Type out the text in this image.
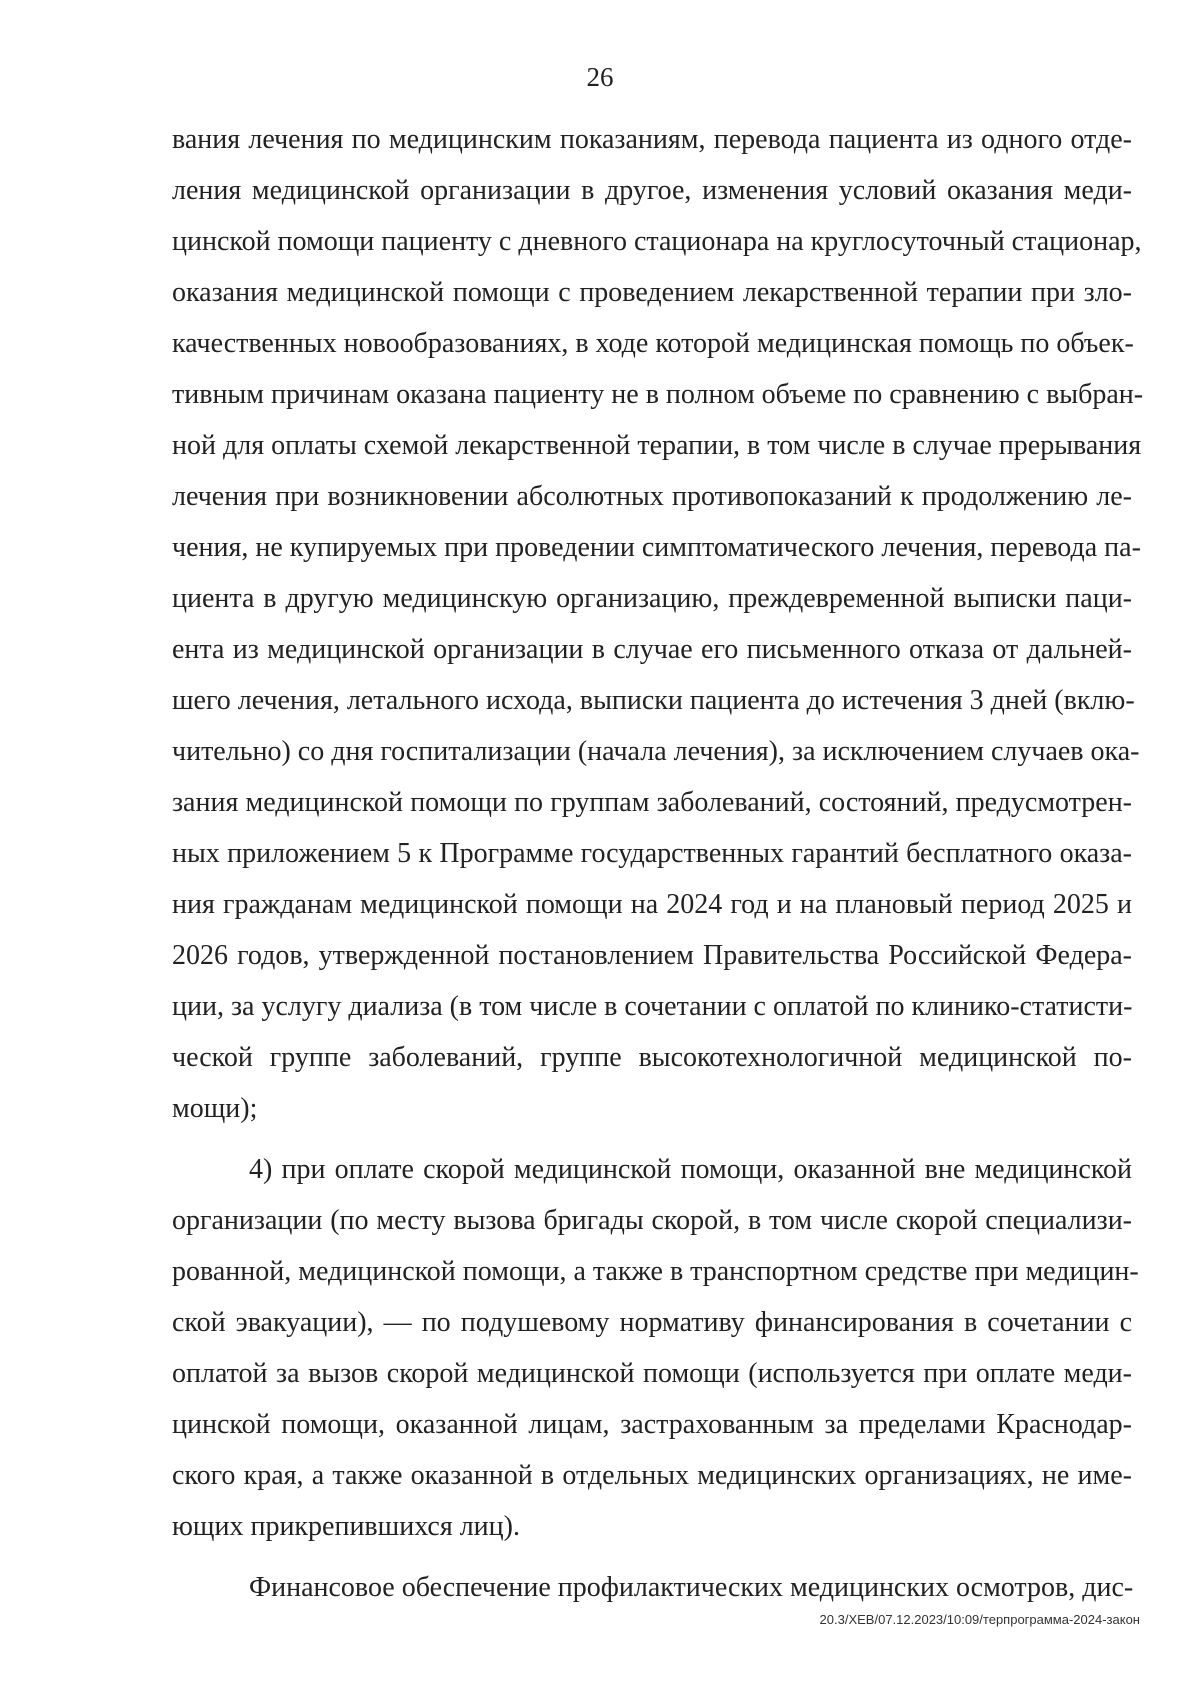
26
вания лечения по медицинским показаниям, перевода пациента из одного отде-
ления медицинской организации в другое, изменения условий оказания меди-
цинской помощи пациенту с дневного стационара на круглосуточный стационар,
оказания медицинской помощи с проведением лекарственной терапии при зло-
качественных новообразованиях, в ходе которой медицинская помощь по объек-
тивным причинам оказана пациенту не в полном объеме по сравнению с выбран-
ной для оплаты схемой лекарственной терапии, в том числе в случае прерывания
лечения при возникновении абсолютных противопоказаний к продолжению ле-
чения, не купируемых при проведении симптоматического лечения, перевода па-
циента в другую медицинскую организацию, преждевременной выписки паци-
ента из медицинской организации в случае его письменного отказа от дальней-
шего лечения, летального исхода, выписки пациента до истечения 3 дней (вклю-
чительно) со дня госпитализации (начала лечения), за исключением случаев ока-
зания медицинской помощи по группам заболеваний, состояний, предусмотрен-
ных приложением 5 к Программе государственных гарантий бесплатного оказа-
ния гражданам медицинской помощи на 2024 год и на плановый период 2025 и
2026 годов, утвержденной постановлением Правительства Российской Федера-
ции, за услугу диализа (в том числе в сочетании с оплатой по клинико-статисти-
ческой группе заболеваний, группе высокотехнологичной медицинской по-
мощи);
4) при оплате скорой медицинской помощи, оказанной вне медицинской
организации (по месту вызова бригады скорой, в том числе скорой специализи-
рованной, медицинской помощи, а также в транспортном средстве при медицин-
ской эвакуации), — по подушевому нормативу финансирования в сочетании с
оплатой за вызов скорой медицинской помощи (используется при оплате меди-
цинской помощи, оказанной лицам, застрахованным за пределами Краснодар-
ского края, а также оказанной в отдельных медицинских организациях, не име-
ющих прикрепившихся лиц).
Финансовое обеспечение профилактических медицинских осмотров, дис-
20.3/ХЕВ/07.12.2023/10:09/терпрограмма-2024-закон
